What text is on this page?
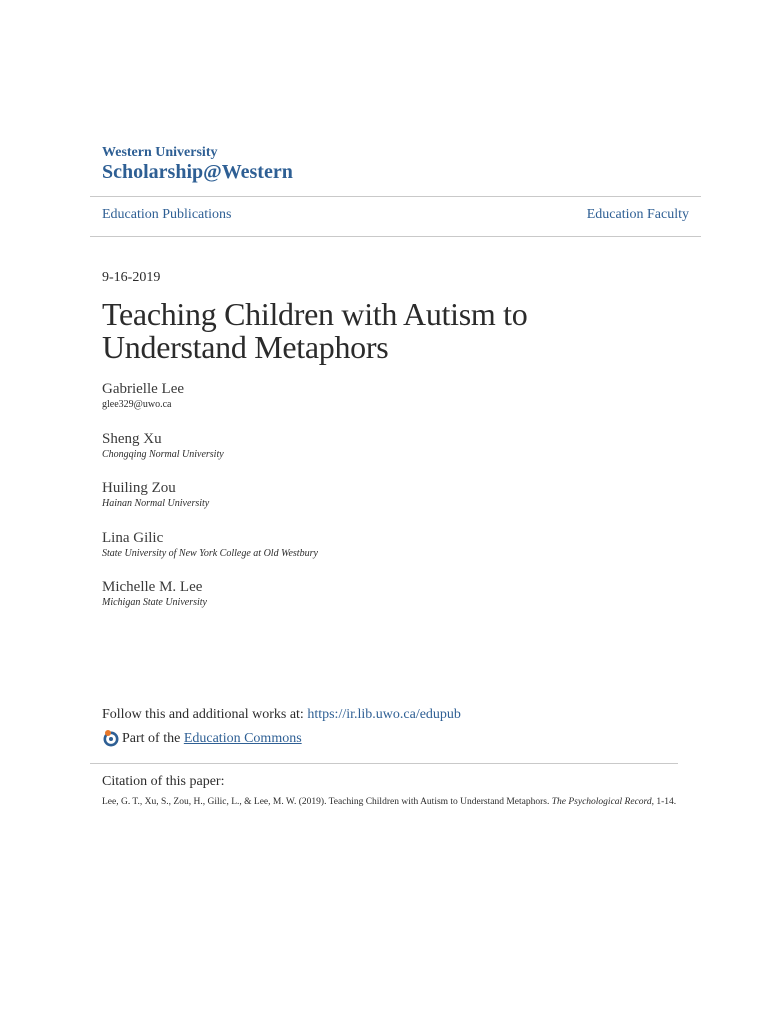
Western University
Scholarship@Western
Education Publications	Education Faculty
9-16-2019
Teaching Children with Autism to Understand Metaphors
Gabrielle Lee
glee329@uwo.ca
Sheng Xu
Chongqing Normal University
Huiling Zou
Hainan Normal University
Lina Gilic
State University of New York College at Old Westbury
Michelle M. Lee
Michigan State University
Follow this and additional works at: https://ir.lib.uwo.ca/edupub
Part of the
Education Commons
Citation of this paper:
Lee, G. T., Xu, S., Zou, H., Gilic, L., & Lee, M. W. (2019). Teaching Children with Autism to Understand Metaphors. The Psychological Record, 1-14.
